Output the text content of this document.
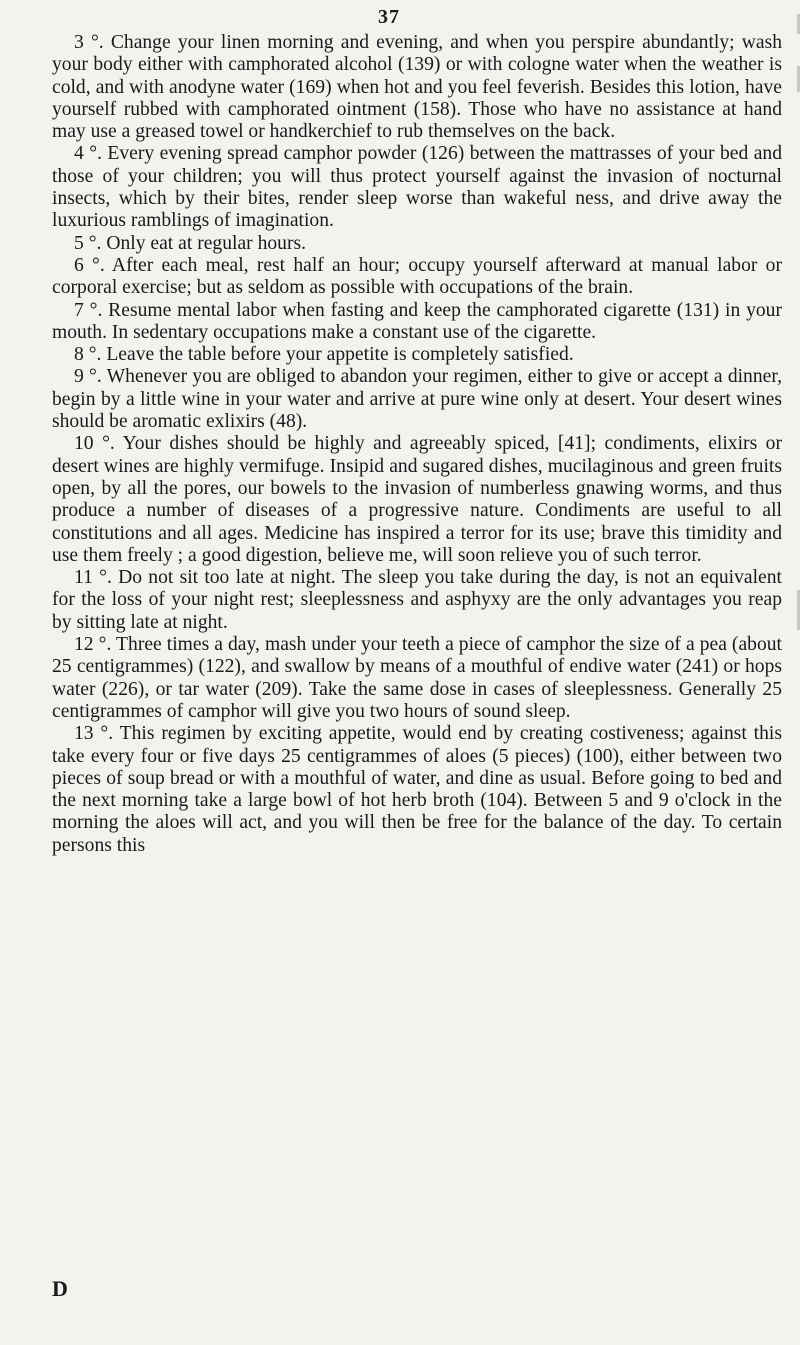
37

3 °. Change your linen morning and evening, and when you perspire abundantly; wash your body either with camphorated alcohol (139) or with cologne water when the weather is cold, and with anodyne water (169) when hot and you feel feverish. Besides this lotion, have yourself rubbed with camphorated ointment (158). Those who have no assistance at hand may use a greased towel or handkerchief to rub themselves on the back.

4 °. Every evening spread camphor powder (126) between the mattrasses of your bed and those of your children; you will thus protect yourself against the invasion of nocturnal insects, which by their bites, render sleep worse than wakeful ness, and drive away the luxurious ramblings of imagination.

5 °. Only eat at regular hours.

6 °. After each meal, rest half an hour; occupy yourself afterward at manual labor or corporal exercise; but as seldom as possible with occupations of the brain.

7 °. Resume mental labor when fasting and keep the camphorated cigarette (131) in your mouth. In sedentary occupations make a constant use of the cigarette.

8 °. Leave the table before your appetite is completely satisfied.

9 °. Whenever you are obliged to abandon your regimen, either to give or accept a dinner, begin by a little wine in your water and arrive at pure wine only at desert. Your desert wines should be aromatic exlixirs (48).

10 °. Your dishes should be highly and agreeably spiced, [41]; condiments, elixirs or desert wines are highly vermifuge. Insipid and sugared dishes, mucilaginous and green fruits open, by all the pores, our bowels to the invasion of numberless gnawing worms, and thus produce a number of diseases of a progressive nature. Condiments are useful to all constitutions and all ages. Medicine has inspired a terror for its use; brave this timidity and use them freely ; a good digestion, believe me, will soon relieve you of such terror.

11 °. Do not sit too late at night. The sleep you take during the day, is not an equivalent for the loss of your night rest; sleeplessness and asphyxy are the only advantages you reap by sitting late at night.

12 °. Three times a day, mash under your teeth a piece of camphor the size of a pea (about 25 centigrammes) (122), and swallow by means of a mouthful of endive water (241) or hops water (226), or tar water (209). Take the same dose in cases of sleeplessness. Generally 25 centigrammes of camphor will give you two hours of sound sleep.

13 °. This regimen by exciting appetite, would end by creating costiveness; against this take every four or five days 25 centigrammes of aloes (5 pieces) (100), either between two pieces of soup bread or with a mouthful of water, and dine as usual. Before going to bed and the next morning take a large bowl of hot herb broth (104). Between 5 and 9 o'clock in the morning the aloes will act, and you will then be free for the balance of the day. To certain persons this

D
